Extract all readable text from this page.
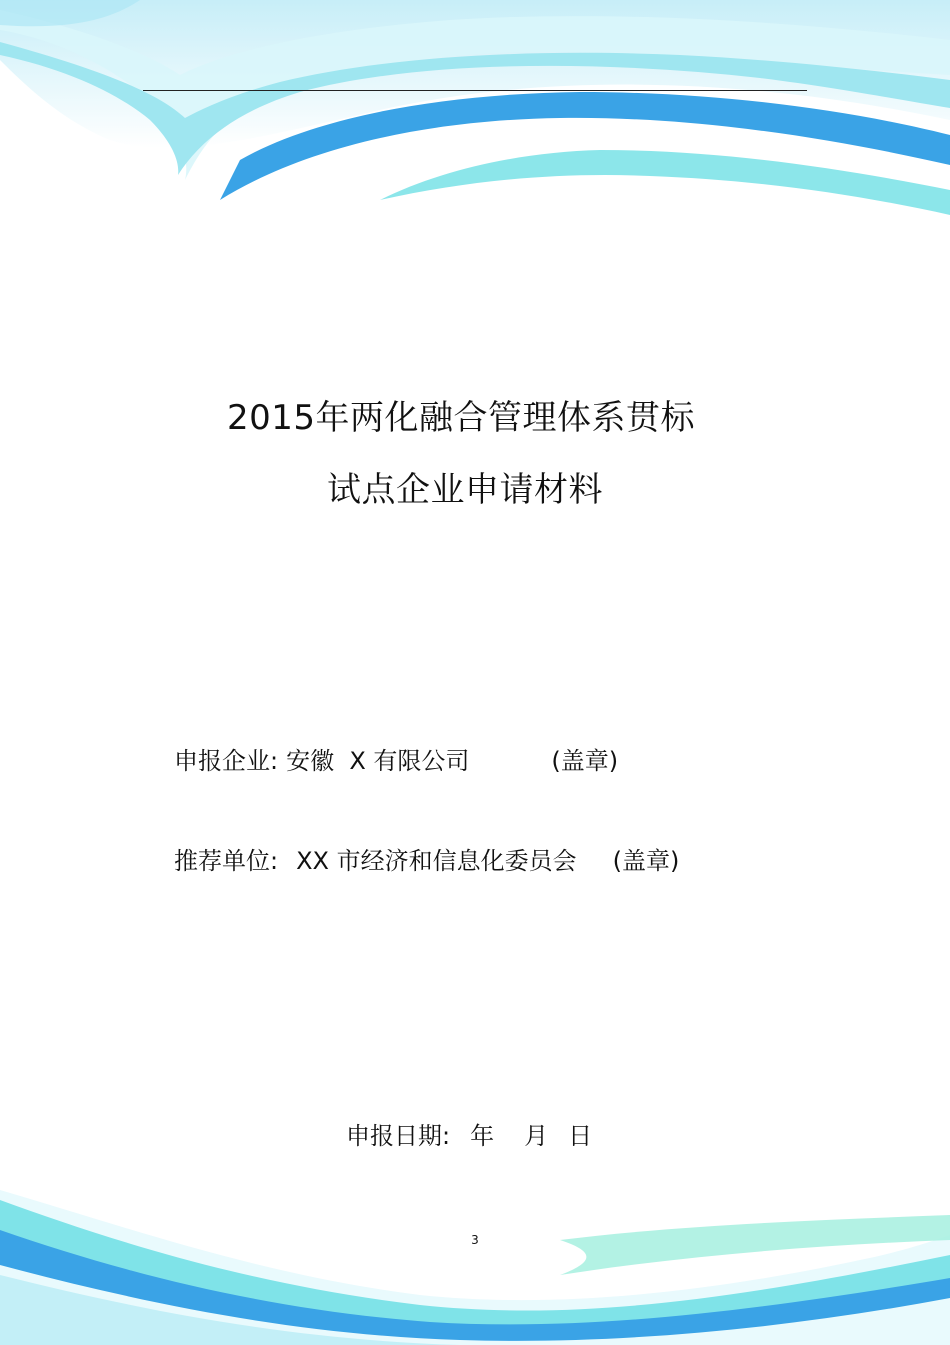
2015年两化融合管理体系贯标
试点企业申请材料
申报企业: 安徽  X 有限公司	(盖章)
推荐单位: XX 市经济和信息化委员会 (盖章)
申报日期: 年 月 日
3
